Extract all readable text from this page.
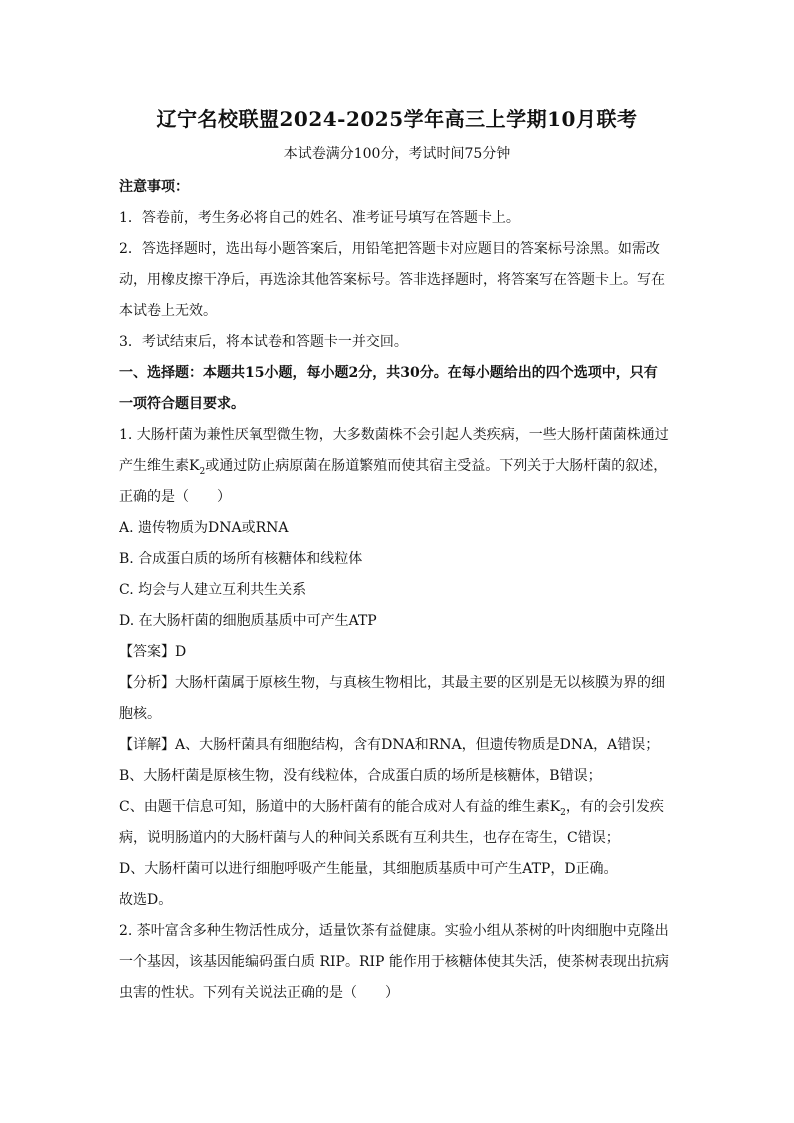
辽宁名校联盟2024-2025学年高三上学期10月联考
本试卷满分100分，考试时间75分钟
注意事项：
1．答卷前，考生务必将自己的姓名、准考证号填写在答题卡上。
2．答选择题时，选出每小题答案后，用铅笔把答题卡对应题目的答案标号涂黑。如需改
动，用橡皮擦干净后，再选涂其他答案标号。答非选择题时，将答案写在答题卡上。写在
本试卷上无效。
3．考试结束后，将本试卷和答题卡一并交回。
一、选择题：本题共15小题，每小题2分，共30分。在每小题给出的四个选项中，只有
一项符合题目要求。
1. 大肠杆菌为兼性厌氧型微生物，大多数菌株不会引起人类疾病，一些大肠杆菌菌株通过
产生维生素$K_2$或通过防止病原菌在肠道繁殖而使其宿主受益。下列关于大肠杆菌的叙述，
正确的是（　　）
A. 遗传物质为DNA或RNA
B. 合成蛋白质的场所有核糖体和线粒体
C. 均会与人建立互利共生关系
D. 在大肠杆菌的细胞质基质中可产生ATP
【答案】D
【分析】大肠杆菌属于原核生物，与真核生物相比，其最主要的区别是无以核膜为界的细
胞核。
【详解】A、大肠杆菌具有细胞结构，含有DNA和RNA，但遗传物质是DNA，A错误；
B、大肠杆菌是原核生物，没有线粒体，合成蛋白质的场所是核糖体，B错误；
C、由题干信息可知，肠道中的大肠杆菌有的能合成对人有益的维生素$K_2$，有的会引发疾
病，说明肠道内的大肠杆菌与人的种间关系既有互利共生，也存在寄生，C错误；
D、大肠杆菌可以进行细胞呼吸产生能量，其细胞质基质中可产生ATP，D正确。
故选D。
2. 茶叶富含多种生物活性成分，适量饮茶有益健康。实验小组从茶树的叶肉细胞中克隆出
一个基因，该基因能编码蛋白质 RIP。RIP 能作用于核糖体使其失活，使茶树表现出抗病
虫害的性状。下列有关说法正确的是（　　）
